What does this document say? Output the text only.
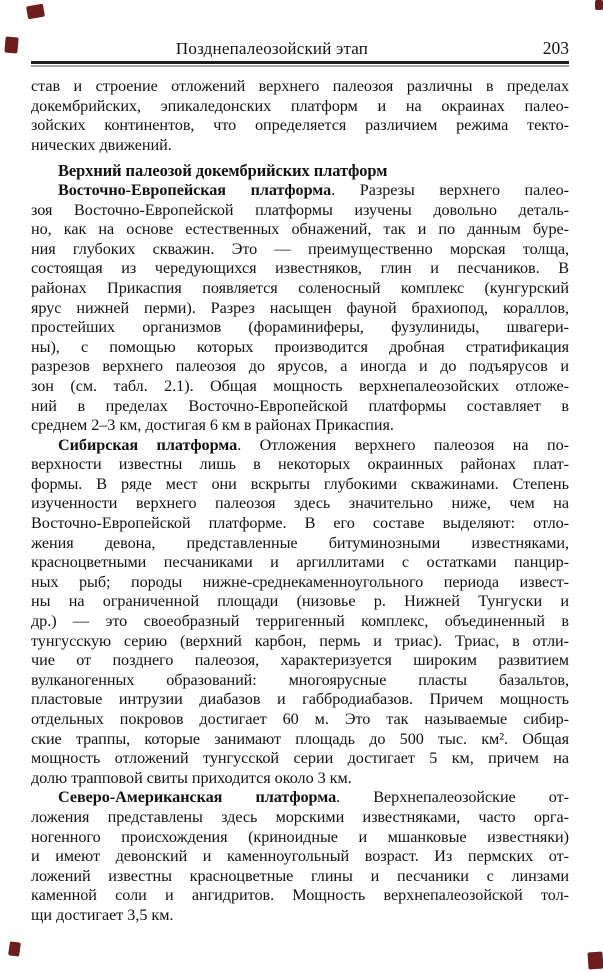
Позднепалеозойский этап	203
став и строение отложений верхнего палеозоя различны в пределах
докембрийских, эпикаледонских платформ и на окраинах палео-
зойских континентов, что определяется различием режима текто-
нических движений.
Верхний палеозой докембрийских платформ
Восточно-Европейская платформа. Разрезы верхнего палео-
зоя Восточно-Европейской платформы изучены довольно деталь-
но, как на основе естественных обнажений, так и по данным буре-
ния глубоких скважин. Это — преимущественно морская толща,
состоящая из чередующихся известняков, глин и песчаников. В
районах Прикаспия появляется соленосный комплекс (кунгурский
ярус нижней перми). Разрез насыщен фауной брахиопод, кораллов,
простейших организмов (фораминиферы, фузулиниды, швагери-
ны), с помощью которых производится дробная стратификация
разрезов верхнего палеозоя до ярусов, а иногда и до подъярусов и
зон (см. табл. 2.1). Общая мощность верхнепалеозойских отложе-
ний в пределах Восточно-Европейской платформы составляет в
среднем 2–3 км, достигая 6 км в районах Прикаспия.
Сибирская платформа. Отложения верхнего палеозоя на по-
верхности известны лишь в некоторых окраинных районах плат-
формы. В ряде мест они вскрыты глубокими скважинами. Степень
изученности верхнего палеозоя здесь значительно ниже, чем на
Восточно-Европейской платформе. В его составе выделяют: отло-
жения девона, представленные битуминозными известняками,
красноцветными песчаниками и аргиллитами с остатками панцир-
ных рыб; породы нижне-среднекаменноугольного периода извест-
ны на ограниченной площади (низовье р. Нижней Тунгуски и
др.) — это своеобразный терригенный комплекс, объединенный в
тунгусскую серию (верхний карбон, пермь и триас). Триас, в отли-
чие от позднего палеозоя, характеризуется широким развитием
вулканогенных образований: многоярусные пласты базальтов,
пластовые интрузии диабазов и габбродиабазов. Причем мощность
отдельных покровов достигает 60 м. Это так называемые сибир-
ские траппы, которые занимают площадь до 500 тыс. км². Общая
мощность отложений тунгусской серии достигает 5 км, причем на
долю трапповой свиты приходится около 3 км.
Северо-Американская платформа. Верхнепалеозойские от-
ложения представлены здесь морскими известняками, часто орга-
ногенного происхождения (криноидные и мшанковые известняки)
и имеют девонский и каменноугольный возраст. Из пермских от-
ложений известны красноцветные глины и песчаники с линзами
каменной соли и ангидритов. Мощность верхнепалеозойской тол-
щи достигает 3,5 км.
